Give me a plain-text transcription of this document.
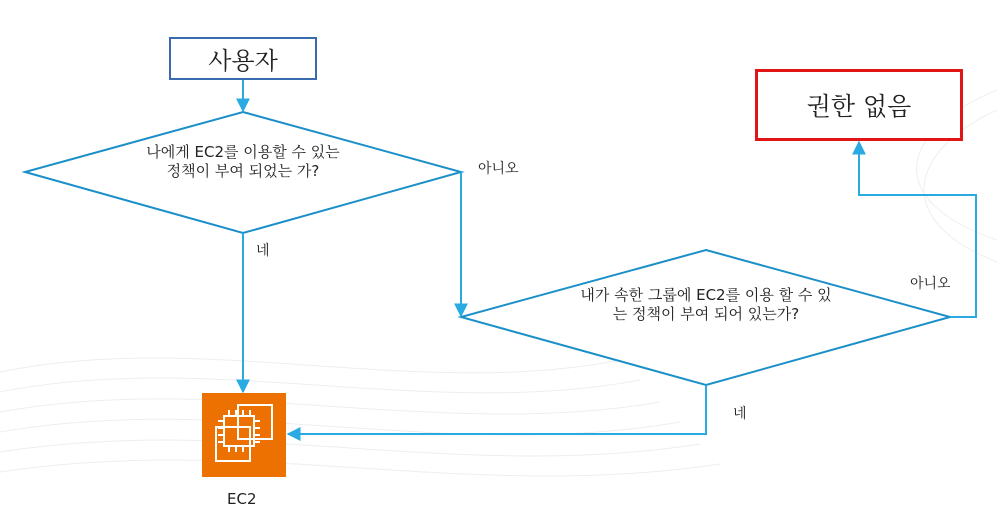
사용자
권한 없음
나에게 EC2를 이용할 수 있는 정책이 부여 되었는 가?
내가 속한 그룹에 EC2를 이용 할 수 있는 정책이 부여 되어 있는가?
아니오
네
아니오
네
EC2
